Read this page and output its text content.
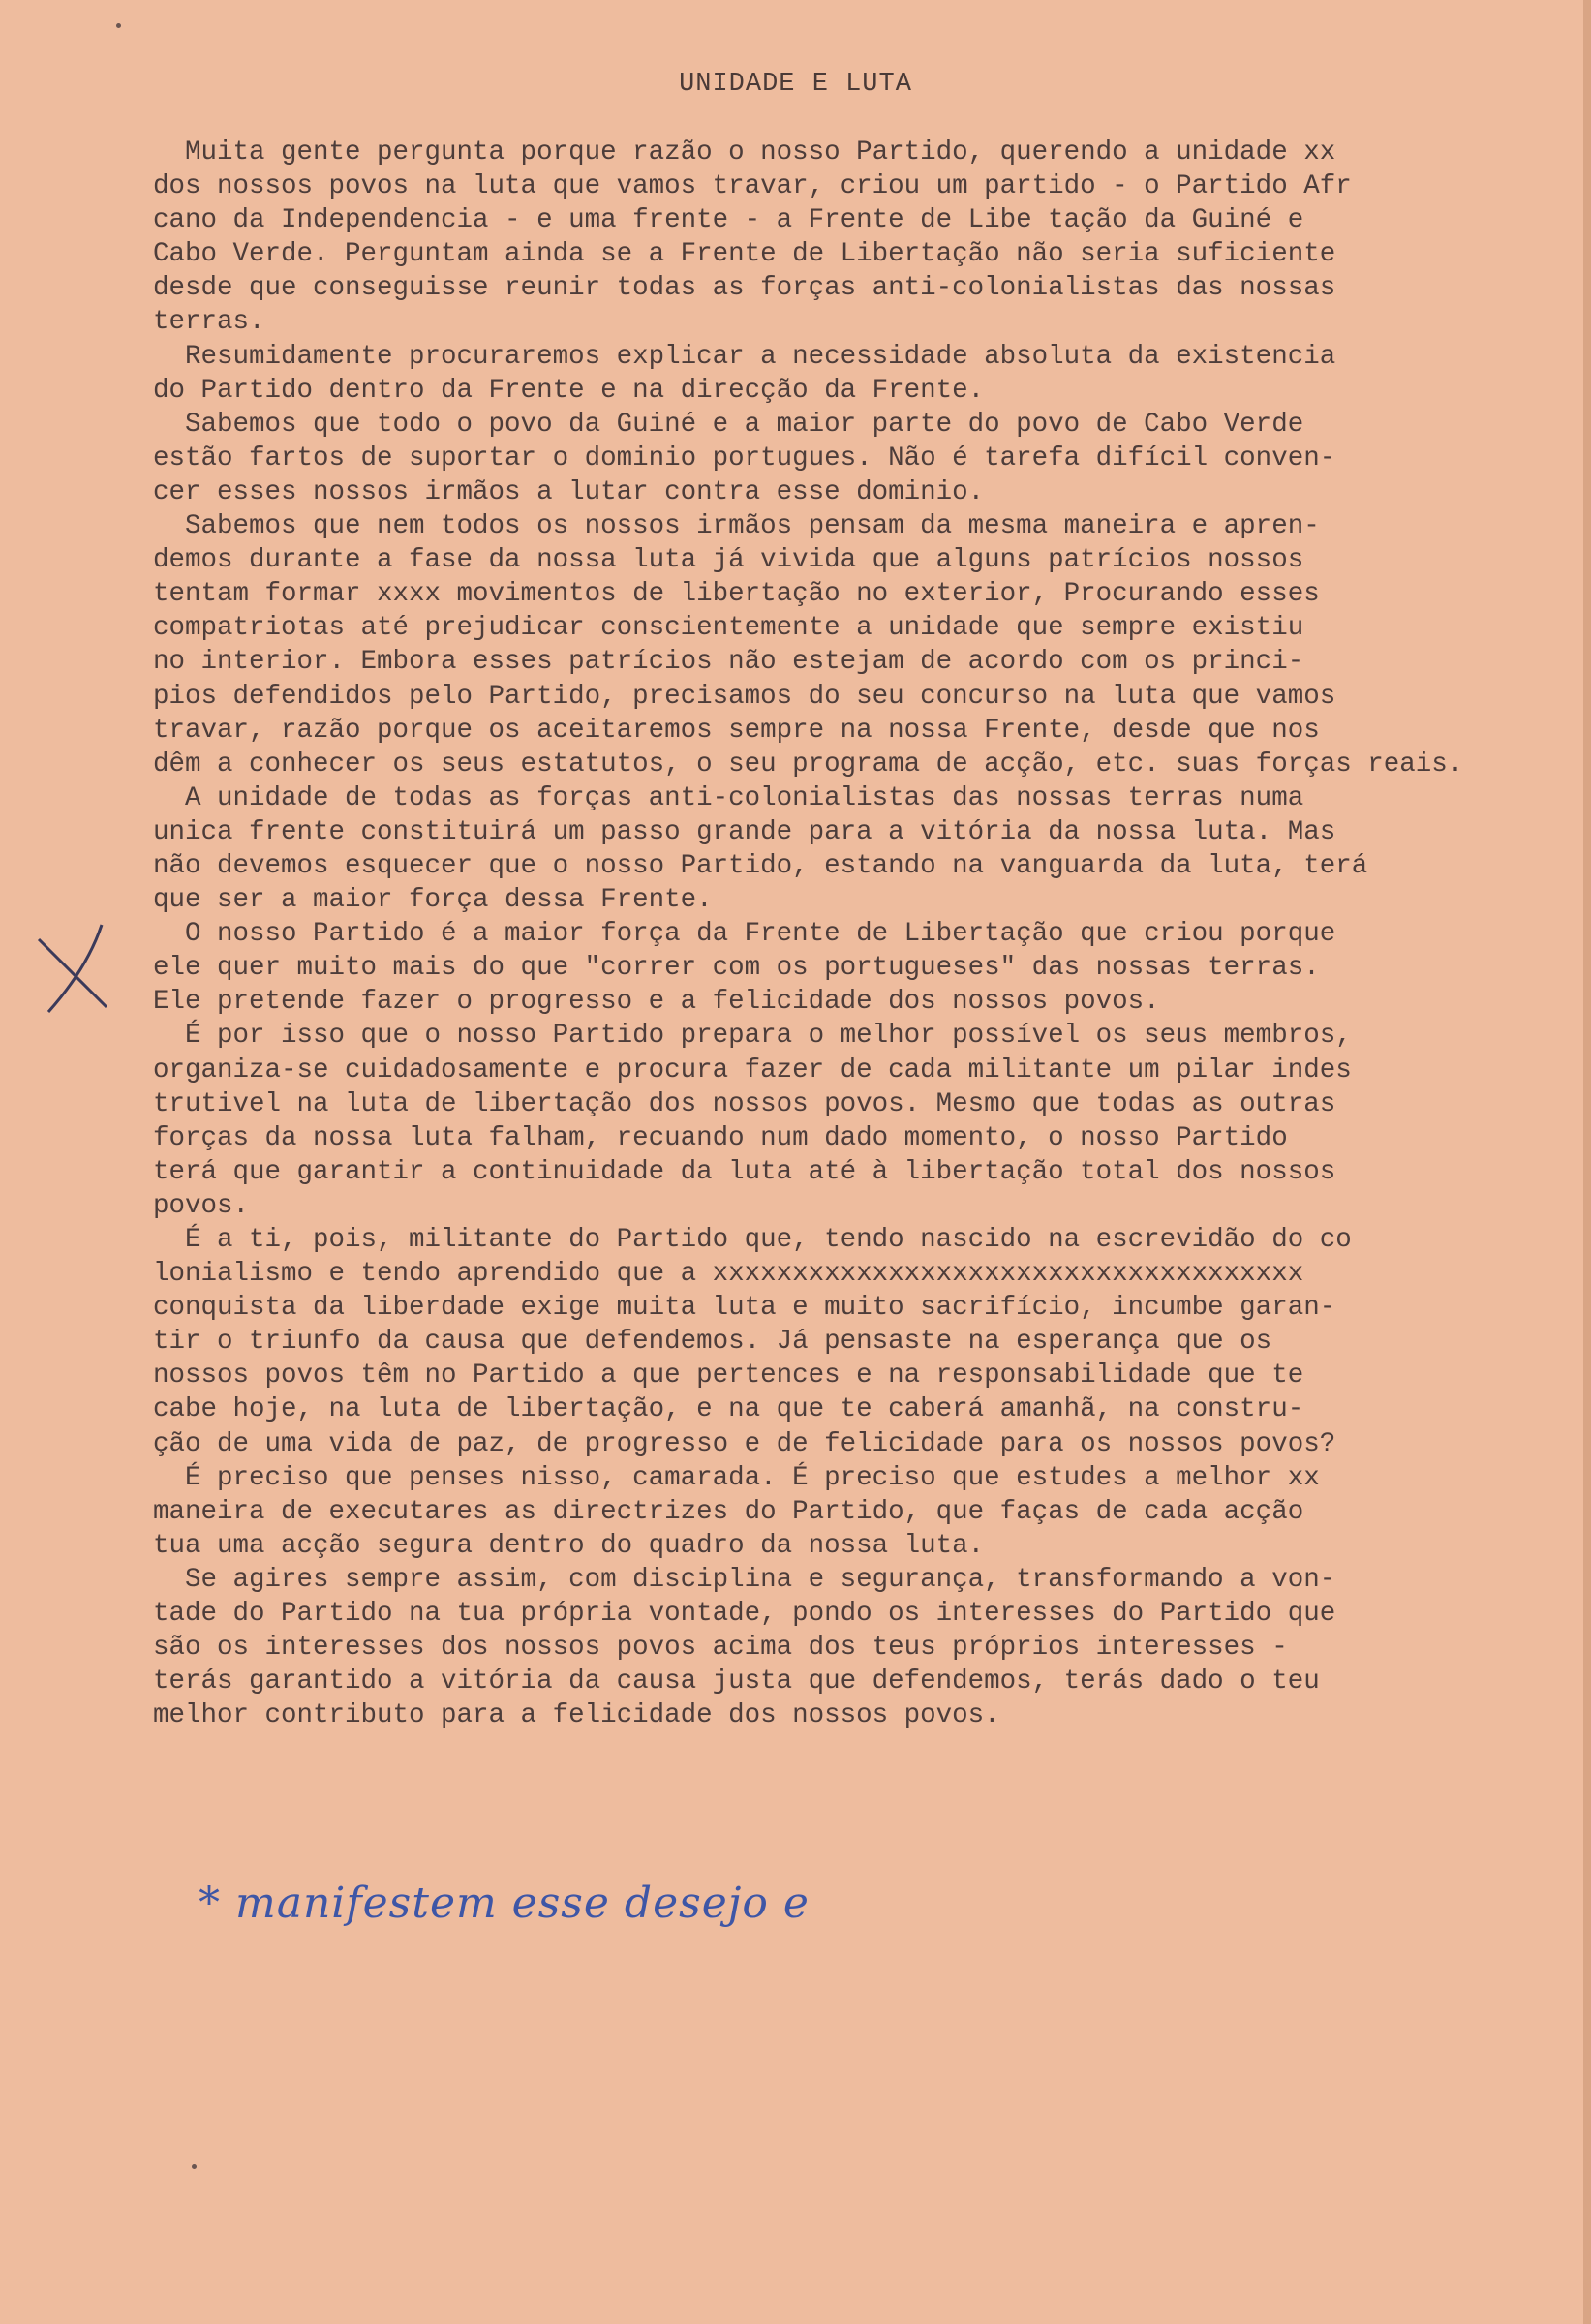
UNIDADE E LUTA
Muita gente pergunta porque razão o nosso Partido, querendo a unidade xx
dos nossos povos na luta que vamos travar, criou um partido - o Partido Afr
cano da Independencia - e uma frente - a Frente de Libe tação da Guiné e
Cabo Verde. Perguntam ainda se a Frente de Libertação não seria suficiente
desde que conseguisse reunir todas as forças anti-colonialistas das nossas
terras.
Resumidamente procuraremos explicar a necessidade absoluta da existencia
do Partido dentro da Frente e na direcção da Frente.
Sabemos que todo o povo da Guiné e a maior parte do povo de Cabo Verde
estão fartos de suportar o dominio portugues. Não é tarefa difícil conven-
cer esses nossos irmãos a lutar contra esse dominio.
Sabemos que nem todos os nossos irmãos pensam da mesma maneira e apren-
demos durante a fase da nossa luta já vivida que alguns patrícios nossos
tentam formar xxxx movimentos de libertação no exterior, Procurando esses
compatriotas até prejudicar conscientemente a unidade que sempre existiu
no interior. Embora esses patrícios não estejam de acordo com os princi-
pios defendidos pelo Partido, precisamos do seu concurso na luta que vamos
travar, razão porque os aceitaremos sempre na nossa Frente, desde que nos
dêm a conhecer os seus estatutos, o seu programa de acção, etc. suas forças reais.
A unidade de todas as forças anti-colonialistas das nossas terras numa
unica frente constituirá um passo grande para a vitória da nossa luta. Mas
não devemos esquecer que o nosso Partido, estando na vanguarda da luta, terá
que ser a maior força dessa Frente.
O nosso Partido é a maior força da Frente de Libertação que criou porque
ele quer muito mais do que "correr com os portugueses" das nossas terras.
Ele pretende fazer o progresso e a felicidade dos nossos povos.
É por isso que o nosso Partido prepara o melhor possível os seus membros,
organiza-se cuidadosamente e procura fazer de cada militante um pilar indes
trutivel na luta de libertação dos nossos povos. Mesmo que todas as outras
forças da nossa luta falham, recuando num dado momento, o nosso Partido
terá que garantir a continuidade da luta até à libertação total dos nossos
povos.
É a ti, pois, militante do Partido que, tendo nascido na escrevidão do co
lonialismo e tendo aprendido que a xxxxxxxxxxxxxxxxxxxxxxxxxxxxxxxxxxxxx
conquista da liberdade exige muita luta e muito sacrifício, incumbe garan-
tir o triunfo da causa que defendemos. Já pensaste na esperança que os
nossos povos têm no Partido a que pertences e na responsabilidade que te
cabe hoje, na luta de libertação, e na que te caberá amanhã, na constru-
ção de uma vida de paz, de progresso e de felicidade para os nossos povos?
É preciso que penses nisso, camarada. É preciso que estudes a melhor xx
maneira de executares as directrizes do Partido, que faças de cada acção
tua uma acção segura dentro do quadro da nossa luta.
Se agires sempre assim, com disciplina e segurança, transformando a von-
tade do Partido na tua própria vontade, pondo os interesses do Partido que
são os interesses dos nossos povos acima dos teus próprios interesses -
terás garantido a vitória da causa justa que defendemos, terás dado o teu
melhor contributo para a felicidade dos nossos povos.
* manifestem esse desejo e
